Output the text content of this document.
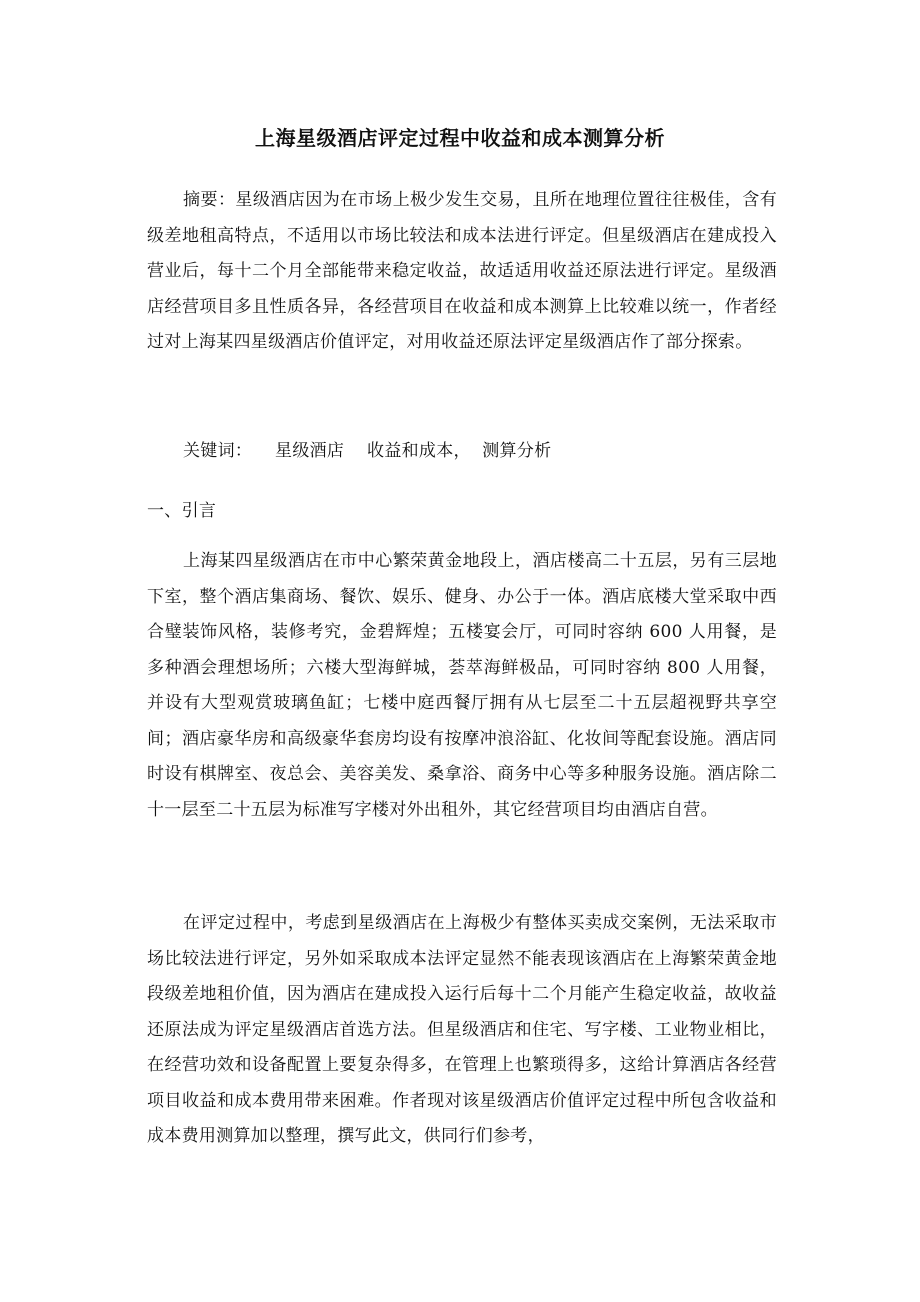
上海星级酒店评定过程中收益和成本测算分析

摘要：星级酒店因为在市场上极少发生交易，且所在地理位置往往极佳，含有级差地租高特点，不适用以市场比较法和成本法进行评定。但星级酒店在建成投入营业后，每十二个月全部能带来稳定收益，故适适用收益还原法进行评定。星级酒店经营项目多且性质各异，各经营项目在收益和成本测算上比较难以统一，作者经过对上海某四星级酒店价值评定，对用收益还原法评定星级酒店作了部分探索。

关键词：    星级酒店    收益和成本，  测算分析

一、引言

上海某四星级酒店在市中心繁荣黄金地段上，酒店楼高二十五层，另有三层地下室，整个酒店集商场、餐饮、娱乐、健身、办公于一体。酒店底楼大堂采取中西合璧装饰风格，装修考究，金碧辉煌；五楼宴会厅，可同时容纳 600 人用餐，是多种酒会理想场所；六楼大型海鲜城，荟萃海鲜极品，可同时容纳 800 人用餐，并设有大型观赏玻璃鱼缸；七楼中庭西餐厅拥有从七层至二十五层超视野共享空间；酒店豪华房和高级豪华套房均设有按摩冲浪浴缸、化妆间等配套设施。酒店同时设有棋牌室、夜总会、美容美发、桑拿浴、商务中心等多种服务设施。酒店除二十一层至二十五层为标准写字楼对外出租外，其它经营项目均由酒店自营。

在评定过程中，考虑到星级酒店在上海极少有整体买卖成交案例，无法采取市场比较法进行评定，另外如采取成本法评定显然不能表现该酒店在上海繁荣黄金地段级差地租价值，因为酒店在建成投入运行后每十二个月能产生稳定收益，故收益还原法成为评定星级酒店首选方法。但星级酒店和住宅、写字楼、工业物业相比，在经营功效和设备配置上要复杂得多，在管理上也繁琐得多，这给计算酒店各经营项目收益和成本费用带来困难。作者现对该星级酒店价值评定过程中所包含收益和成本费用测算加以整理，撰写此文，供同行们参考，
